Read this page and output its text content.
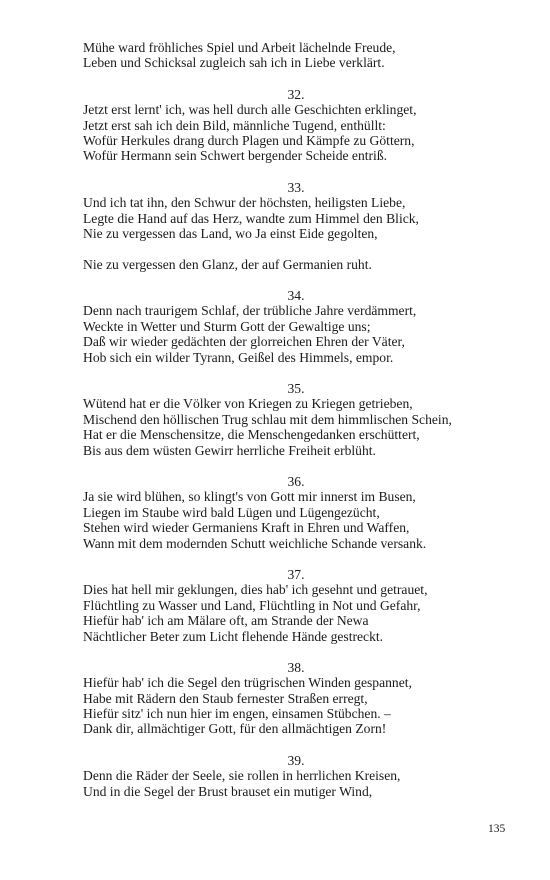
Mühe ward fröhliches Spiel und Arbeit lächelnde Freude,
Leben und Schicksal zugleich sah ich in Liebe verklärt.
32.
Jetzt erst lernt' ich, was hell durch alle Geschichten erklinget,
Jetzt erst sah ich dein Bild, männliche Tugend, enthüllt:
Wofür Herkules drang durch Plagen und Kämpfe zu Göttern,
Wofür Hermann sein Schwert bergender Scheide entriß.
33.
Und ich tat ihn, den Schwur der höchsten, heiligsten Liebe,
Legte die Hand auf das Herz, wandte zum Himmel den Blick,
Nie zu vergessen das Land, wo Ja einst Eide gegolten,
Nie zu vergessen den Glanz, der auf Germanien ruht.
34.
Denn nach traurigem Schlaf, der trübliche Jahre verdämmert,
Weckte in Wetter und Sturm Gott der Gewaltige uns;
Daß wir wieder gedächten der glorreichen Ehren der Väter,
Hob sich ein wilder Tyrann, Geißel des Himmels, empor.
35.
Wütend hat er die Völker von Kriegen zu Kriegen getrieben,
Mischend den höllischen Trug schlau mit dem himmlischen Schein,
Hat er die Menschensitze, die Menschengedanken erschüttert,
Bis aus dem wüsten Gewirr herrliche Freiheit erblüht.
36.
Ja sie wird blühen, so klingt's von Gott mir innerst im Busen,
Liegen im Staube wird bald Lügen und Lügengezücht,
Stehen wird wieder Germaniens Kraft in Ehren und Waffen,
Wann mit dem modernden Schutt weichliche Schande versank.
37.
Dies hat hell mir geklungen, dies hab' ich gesehnt und getrauet,
Flüchtling zu Wasser und Land, Flüchtling in Not und Gefahr,
Hiefür hab' ich am Mälare oft, am Strande der Newa
Nächtlicher Beter zum Licht flehende Hände gestreckt.
38.
Hiefür hab' ich die Segel den trügrischen Winden gespannet,
Habe mit Rädern den Staub fernester Straßen erregt,
Hiefür sitz' ich nun hier im engen, einsamen Stübchen. –
Dank dir, allmächtiger Gott, für den allmächtigen Zorn!
39.
Denn die Räder der Seele, sie rollen in herrlichen Kreisen,
Und in die Segel der Brust brauset ein mutiger Wind,
135
